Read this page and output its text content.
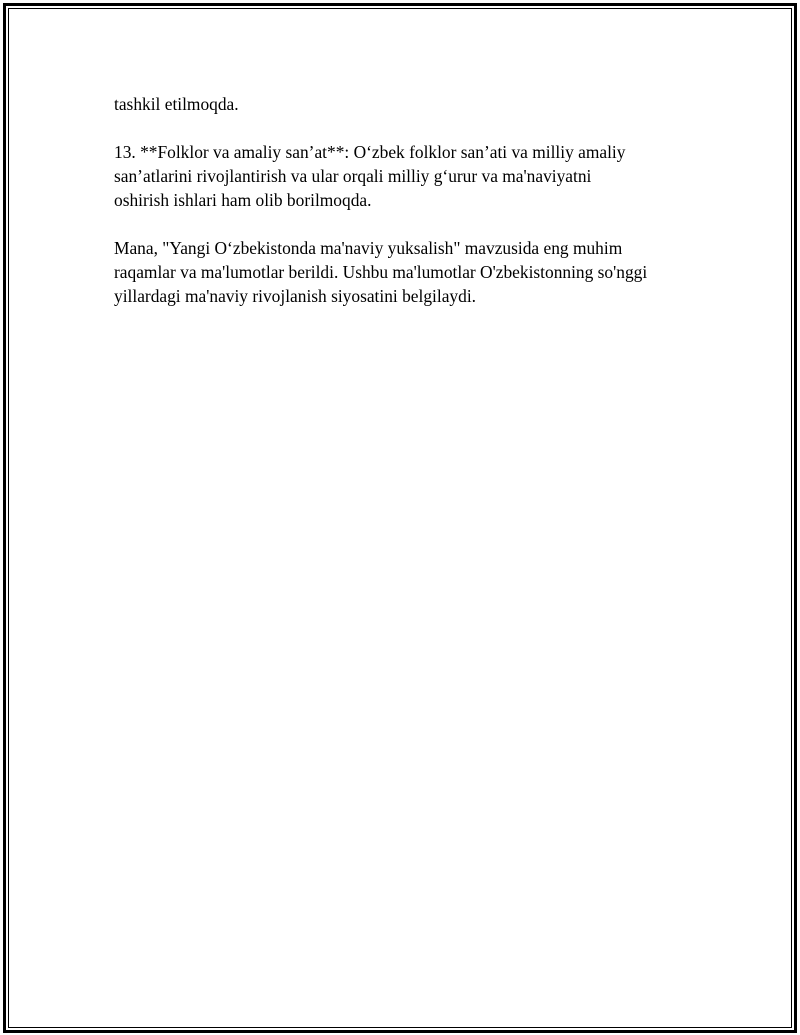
tashkil etilmoqda.

13. **Folklor va amaliy san’at**: O‘zbek folklor san’ati va milliy amaliy
san’atlarini rivojlantirish va ular orqali milliy g‘urur va ma'naviyatni
oshirish ishlari ham olib borilmoqda.

Mana, "Yangi O‘zbekistonda ma'naviy yuksalish" mavzusida eng muhim
raqamlar va ma'lumotlar berildi. Ushbu ma'lumotlar O'zbekistonning so'nggi
yillardagi ma'naviy rivojlanish siyosatini belgilaydi.
